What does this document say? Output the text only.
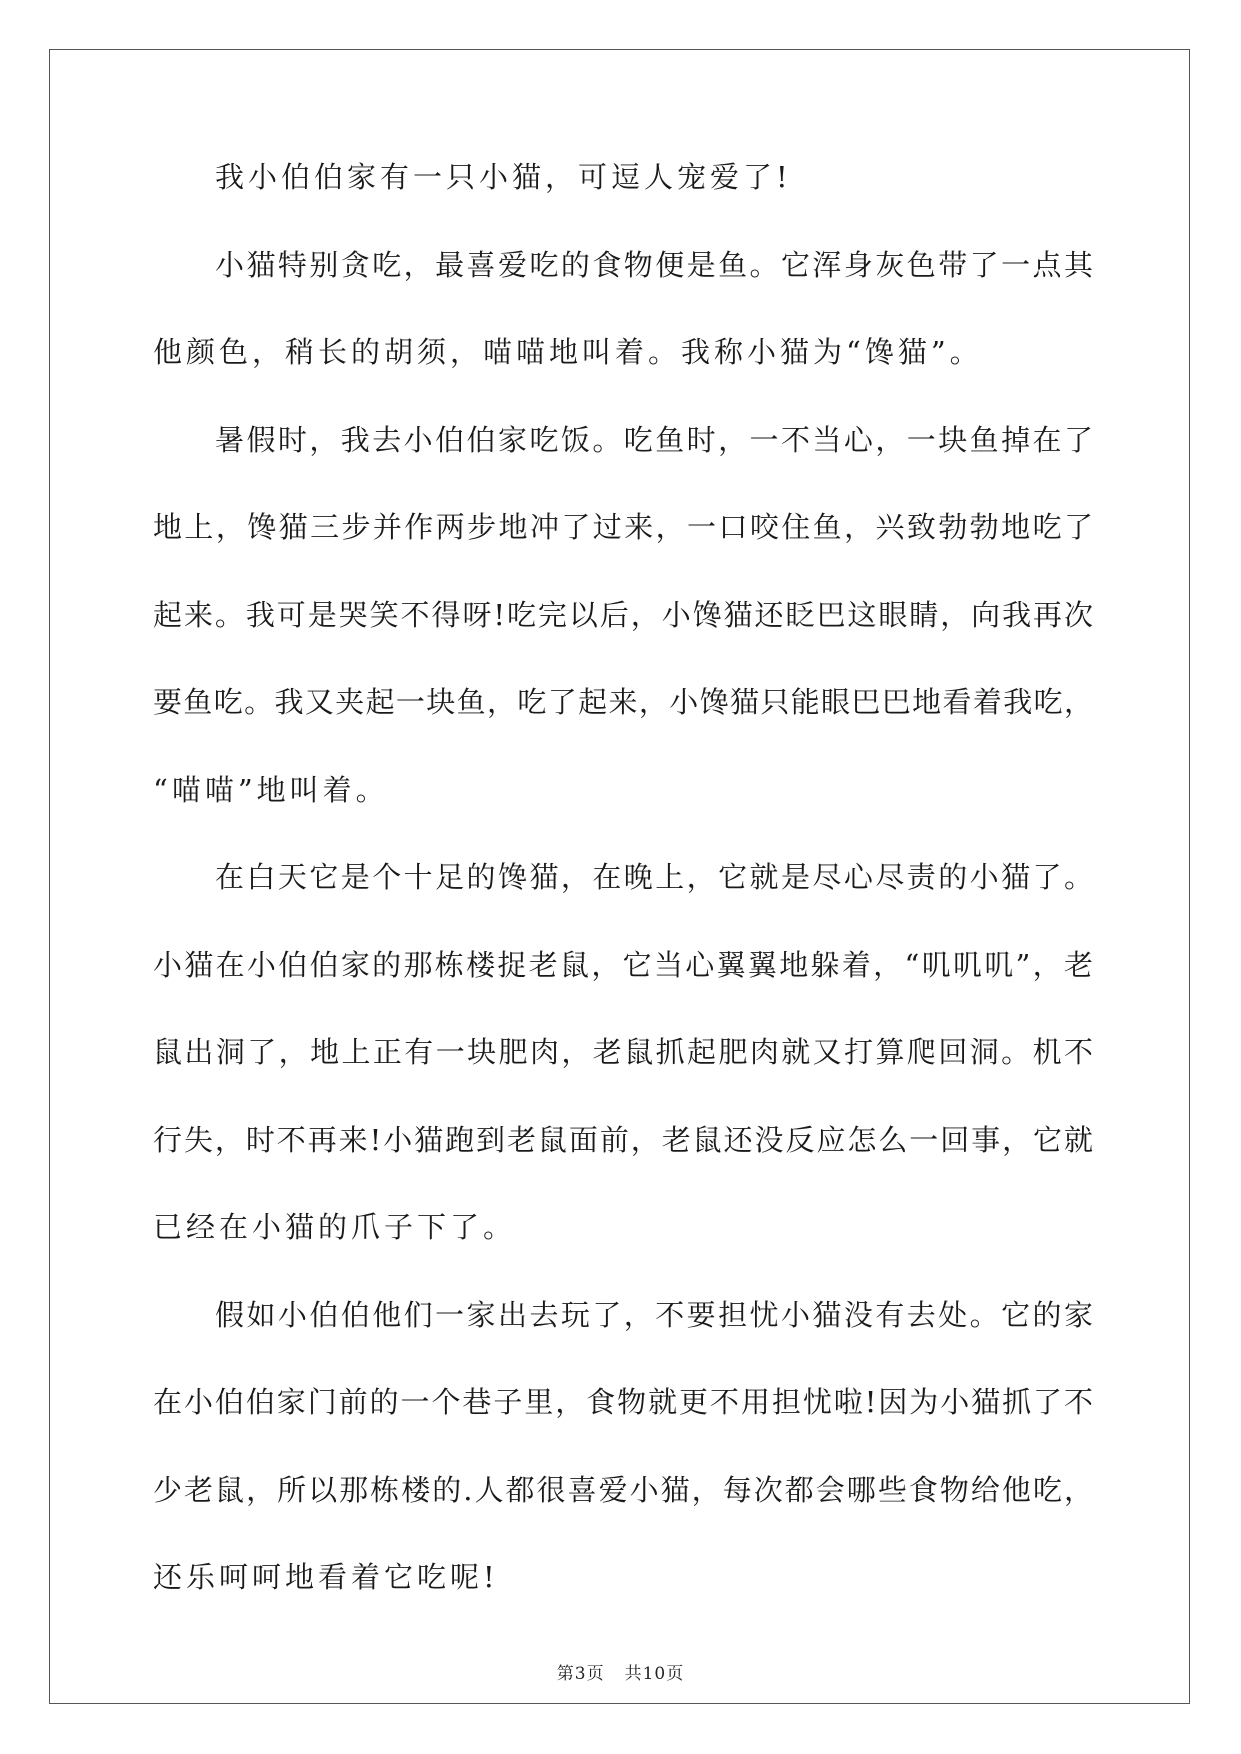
我小伯伯家有一只小猫，可逗人宠爱了!
小猫特别贪吃，最喜爱吃的食物便是鱼。它浑身灰色带了一点其
他颜色，稍长的胡须，喵喵地叫着。我称小猫为“馋猫”。
暑假时，我去小伯伯家吃饭。吃鱼时，一不当心，一块鱼掉在了
地上，馋猫三步并作两步地冲了过来，一口咬住鱼，兴致勃勃地吃了
起来。我可是哭笑不得呀!吃完以后，小馋猫还眨巴这眼睛，向我再次
要鱼吃。我又夹起一块鱼，吃了起来，小馋猫只能眼巴巴地看着我吃，
“喵喵”地叫着。
在白天它是个十足的馋猫，在晚上，它就是尽心尽责的小猫了。
小猫在小伯伯家的那栋楼捉老鼠，它当心翼翼地躲着，“叽叽叽”，老
鼠出洞了，地上正有一块肥肉，老鼠抓起肥肉就又打算爬回洞。机不
行失，时不再来!小猫跑到老鼠面前，老鼠还没反应怎么一回事，它就
已经在小猫的爪子下了。
假如小伯伯他们一家出去玩了，不要担忧小猫没有去处。它的家
在小伯伯家门前的一个巷子里，食物就更不用担忧啦!因为小猫抓了不
少老鼠，所以那栋楼的.人都很喜爱小猫，每次都会哪些食物给他吃，
还乐呵呵地看着它吃呢!
第3页 共10页
